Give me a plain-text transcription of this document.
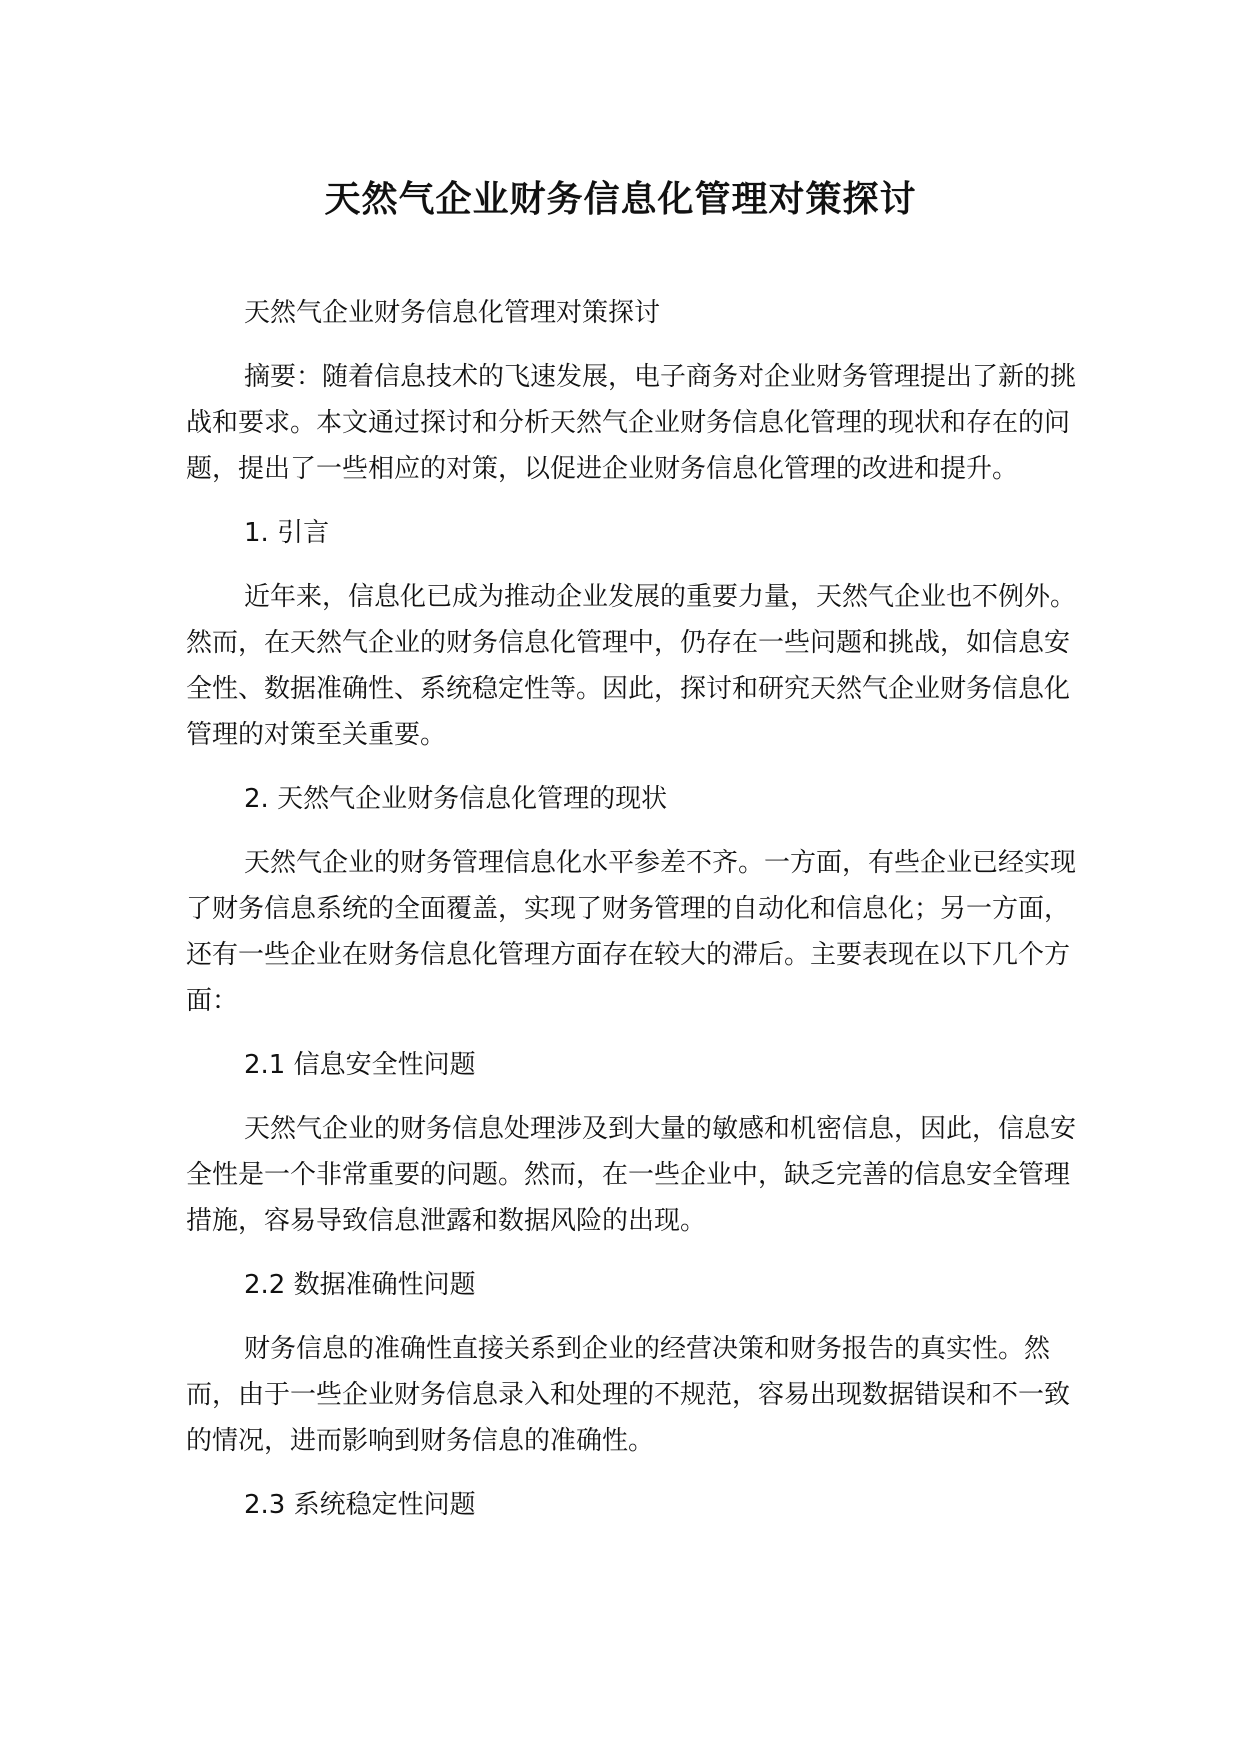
天然气企业财务信息化管理对策探讨

天然气企业财务信息化管理对策探讨

摘要：随着信息技术的飞速发展，电子商务对企业财务管理提出了新的挑战和要求。本文通过探讨和分析天然气企业财务信息化管理的现状和存在的问题，提出了一些相应的对策，以促进企业财务信息化管理的改进和提升。

1. 引言

近年来，信息化已成为推动企业发展的重要力量，天然气企业也不例外。然而，在天然气企业的财务信息化管理中，仍存在一些问题和挑战，如信息安全性、数据准确性、系统稳定性等。因此，探讨和研究天然气企业财务信息化管理的对策至关重要。

2. 天然气企业财务信息化管理的现状

天然气企业的财务管理信息化水平参差不齐。一方面，有些企业已经实现了财务信息系统的全面覆盖，实现了财务管理的自动化和信息化；另一方面，还有一些企业在财务信息化管理方面存在较大的滞后。主要表现在以下几个方面：

2.1 信息安全性问题

天然气企业的财务信息处理涉及到大量的敏感和机密信息，因此，信息安全性是一个非常重要的问题。然而，在一些企业中，缺乏完善的信息安全管理措施，容易导致信息泄露和数据风险的出现。

2.2 数据准确性问题

财务信息的准确性直接关系到企业的经营决策和财务报告的真实性。然而，由于一些企业财务信息录入和处理的不规范，容易出现数据错误和不一致的情况，进而影响到财务信息的准确性。

2.3 系统稳定性问题
